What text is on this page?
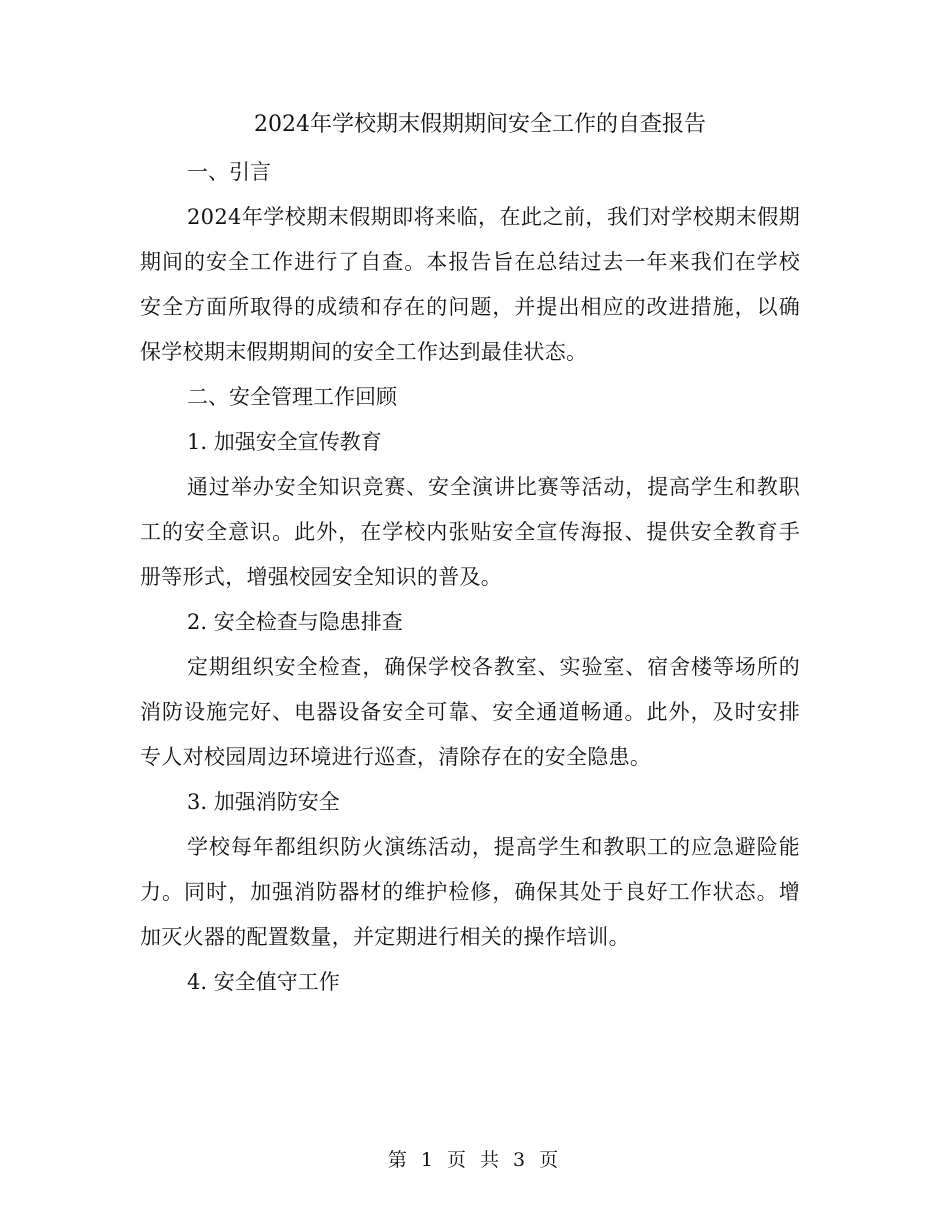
2024年学校期末假期期间安全工作的自查报告

一、引言

2024年学校期末假期即将来临，在此之前，我们对学校期末假期期间的安全工作进行了自查。本报告旨在总结过去一年来我们在学校安全方面所取得的成绩和存在的问题，并提出相应的改进措施，以确保学校期末假期期间的安全工作达到最佳状态。

二、安全管理工作回顾

1. 加强安全宣传教育

通过举办安全知识竞赛、安全演讲比赛等活动，提高学生和教职工的安全意识。此外，在学校内张贴安全宣传海报、提供安全教育手册等形式，增强校园安全知识的普及。

2. 安全检查与隐患排查

定期组织安全检查，确保学校各教室、实验室、宿舍楼等场所的消防设施完好、电器设备安全可靠、安全通道畅通。此外，及时安排专人对校园周边环境进行巡查，清除存在的安全隐患。

3. 加强消防安全

学校每年都组织防火演练活动，提高学生和教职工的应急避险能力。同时，加强消防器材的维护检修，确保其处于良好工作状态。增加灭火器的配置数量，并定期进行相关的操作培训。

4. 安全值守工作

第 1 页 共 3 页
